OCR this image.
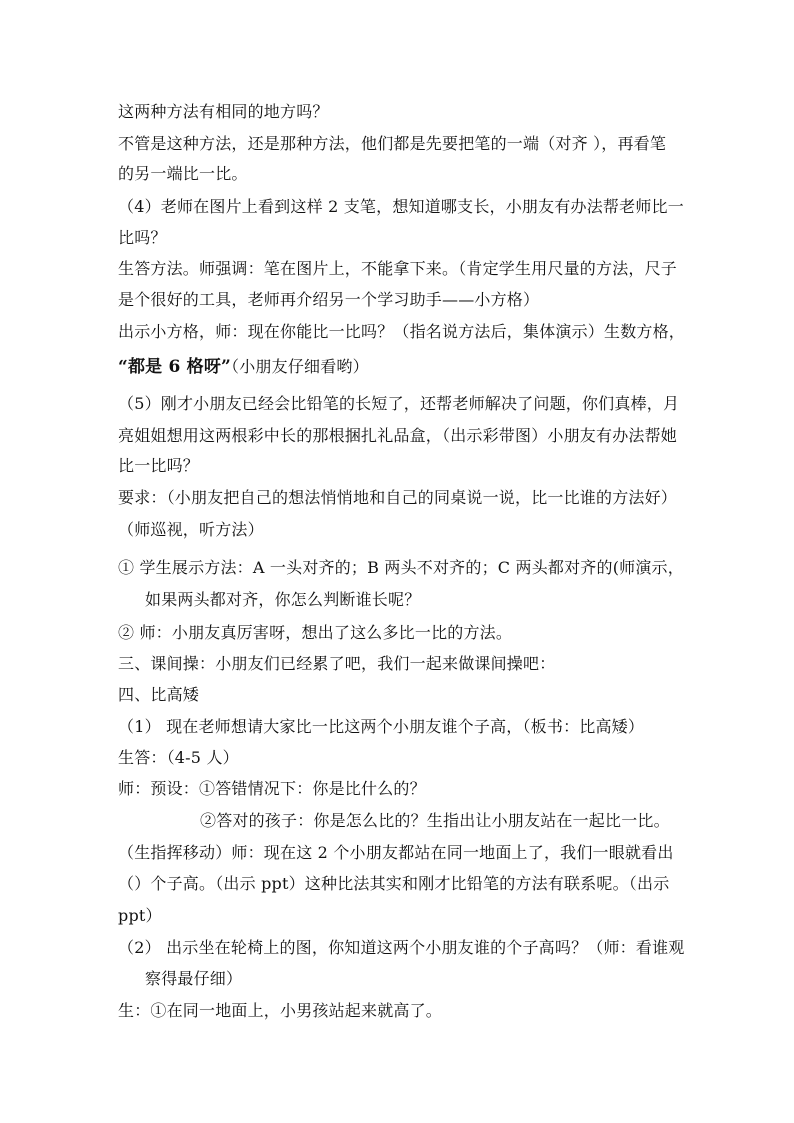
这两种方法有相同的地方吗？
不管是这种方法，还是那种方法，他们都是先要把笔的一端（对齐 ），再看笔
的另一端比一比。
（4）老师在图片上看到这样 2 支笔，想知道哪支长，小朋友有办法帮老师比一
比吗？
生答方法。师强调：笔在图片上，不能拿下来。（肯定学生用尺量的方法，尺子
是个很好的工具，老师再介绍另一个学习助手——小方格）
出示小方格，师：现在你能比一比吗？（指名说方法后，集体演示）生数方格，
“都是 6 格呀”（小朋友仔细看哟）
（5）刚才小朋友已经会比铅笔的长短了，还帮老师解决了问题，你们真棒，月
亮姐姐想用这两根彩中长的那根捆扎礼品盒，（出示彩带图）小朋友有办法帮她
比一比吗？
要求：（小朋友把自己的想法悄悄地和自己的同桌说一说，比一比谁的方法好）
（师巡视，听方法）
① 学生展示方法：A 一头对齐的；B 两头不对齐的；C 两头都对齐的(师演示，
如果两头都对齐，你怎么判断谁长呢？
② 师：小朋友真厉害呀，想出了这么多比一比的方法。
三、课间操：小朋友们已经累了吧，我们一起来做课间操吧：
四、比高矮
（1） 现在老师想请大家比一比这两个小朋友谁个子高，（板书：比高矮）
生答：（4-5 人）
师：预设：①答错情况下：你是比什么的？
②答对的孩子：你是怎么比的？生指出让小朋友站在一起比一比。
（生指挥移动）师：现在这 2 个小朋友都站在同一地面上了，我们一眼就看出
（）个子高。（出示 ppt）这种比法其实和刚才比铅笔的方法有联系呢。（出示
ppt）
（2） 出示坐在轮椅上的图，你知道这两个小朋友谁的个子高吗？（师：看谁观
察得最仔细）
生：①在同一地面上，小男孩站起来就高了。
